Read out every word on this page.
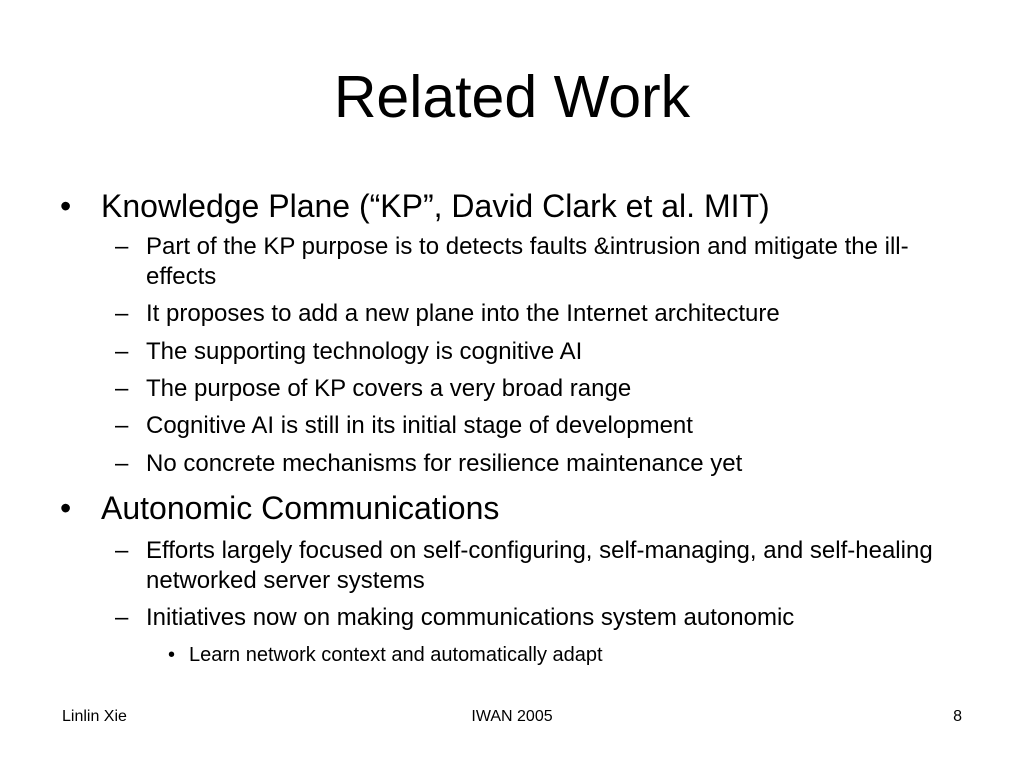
Related Work
• Knowledge Plane (“KP”, David Clark et al. MIT)
– Part of the KP purpose is to detects faults &intrusion and mitigate the ill-effects
– It proposes to add a new plane into the Internet architecture
– The supporting technology is cognitive AI
– The purpose of KP covers a very broad range
– Cognitive AI is still in its initial stage of development
– No concrete mechanisms for resilience maintenance yet
• Autonomic Communications
– Efforts largely focused on self-configuring, self-managing, and self-healing networked server systems
– Initiatives now on making communications system autonomic
• Learn network context and automatically adapt
Linlin Xie	IWAN 2005	8
